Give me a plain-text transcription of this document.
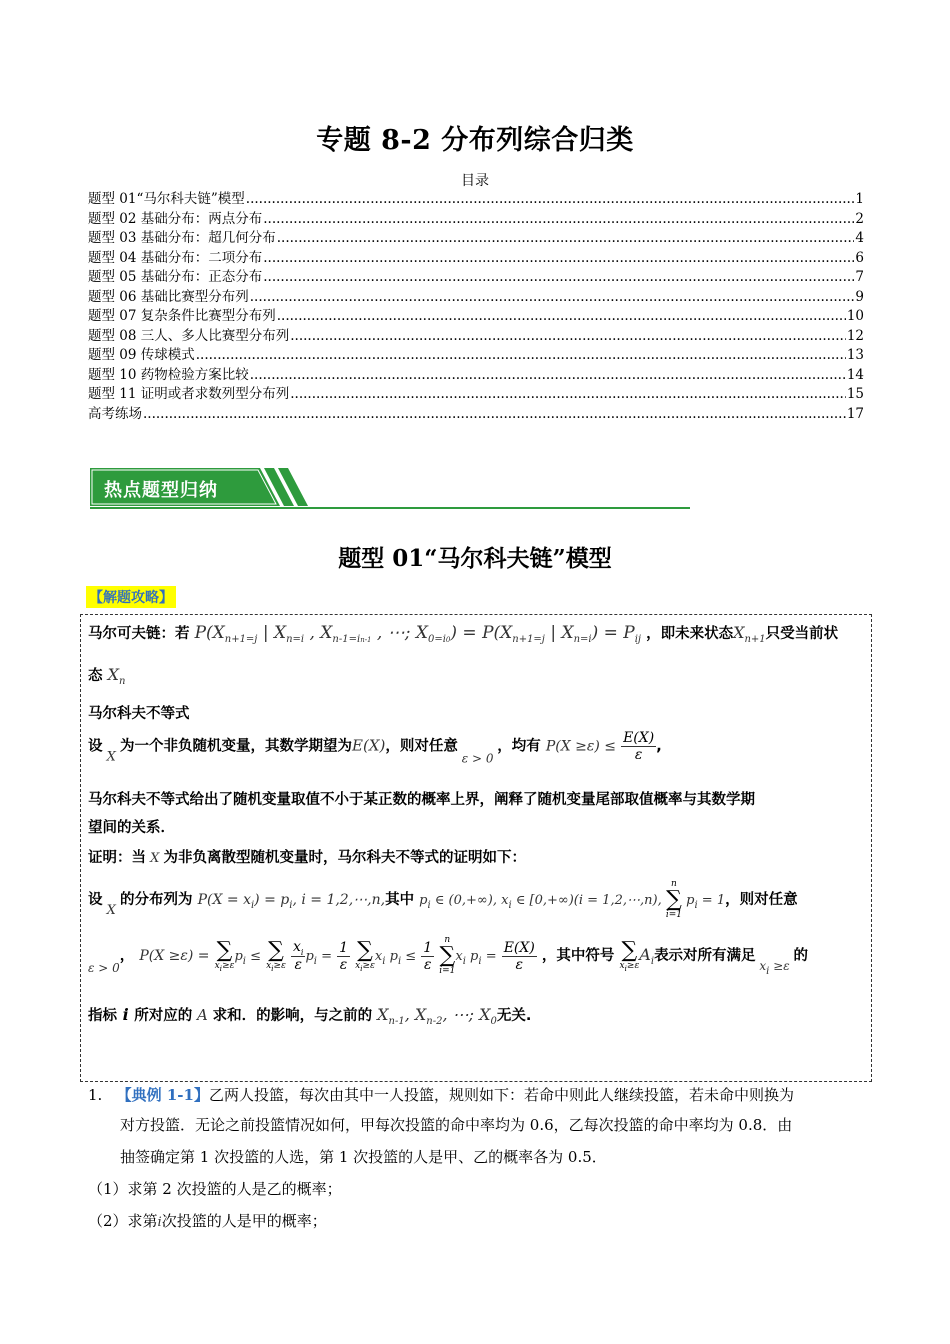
专题 8-2 分布列综合归类
目录
题型 01“马尔科夫链”模型 .....	1
题型 02 基础分布：两点分布 .....	2
题型 03 基础分布：超几何分布 .....	4
题型 04 基础分布：二项分布 .....	6
题型 05 基础分布：正态分布 .....	7
题型 06 基础比赛型分布列 .....	9
题型 07 复杂条件比赛型分布列 .....	10
题型 08 三人、多人比赛型分布列 .....	12
题型 09 传球模式 .....	13
题型 10 药物检验方案比较 .....	14
题型 11 证明或者求数列型分布列 .....	15
高考练场 .....	17
热点题型归纳
题型 01“马尔科夫链”模型
【解题攻略】
马尔可夫链：若 $P(X_{n+1=j}$ | $X_{n=i}$ , $X_{n-1=in-1}$ , ⋯; $X_{0=i0}) = P(X_{n+1=j}$ | $X_{n=i}) = P_{ij}$ ，即未来状态$X_{n+1}$只受当前状
态 $X_n$
马尔科夫不等式
设 X 为一个非负随机变量，其数学期望为E(X)，则对任意 $_{\varepsilon > 0}$ ，均有 $P(X \ge\varepsilon) \le \frac{E(X)}{\varepsilon}$ ,
马尔科夫不等式给出了随机变量取值不小于某正数的概率上界，阐释了随机变量尾部取值概率与其数学期
望间的关系．
证明：当 X 为非负离散型随机变量时，马尔科夫不等式的证明如下：
设 X 的分布列为 $P(X = x_i) = p_i$, i = 1,2,⋯,n,其中 $p_i$ ∈ (0,+∞), $x_i$ ∈ [0,+∞)(i = 1,2,⋯,n),
n
∑
i=1
$p_i = 1$，则对任意
$_{\varepsilon > 0}$， P(X ≥ε) = ∑
$x_i\ge\varepsilon$
$p_i$ ≤ ∑
$x_i\ge\varepsilon$
$\frac{x_i}{\varepsilon} p_i = \frac{1}{\varepsilon}$
∑
$x_i\ge\varepsilon$
$x_i$ $p_i \le \frac{1}{\varepsilon}$
	n
∑
i=1
$x_i$ $p_i = \frac{E(X)}{\varepsilon}$ ，其中符号 ∑
$x_i\ge\varepsilon$
$A_i$表示对所有满足 $_{x_i \ge\varepsilon}$ 的
指标 i 所对应的 A 求和．的影响，与之前的 $X_{n-1}$, $X_{n-2}$, ⋯; $X_0$无关.
1. 【典例 1-1】乙两人投篮，每次由其中一人投篮，规则如下：若命中则此人继续投篮，若未命中则换为
对方投篮．无论之前投篮情况如何，甲每次投篮的命中率均为 0.6，乙每次投篮的命中率均为 0.8．由
抽签确定第 1 次投篮的人选，第 1 次投篮的人是甲、乙的概率各为 0.5．
（1）求第 2 次投篮的人是乙的概率；
（2）求第i次投篮的人是甲的概率；
